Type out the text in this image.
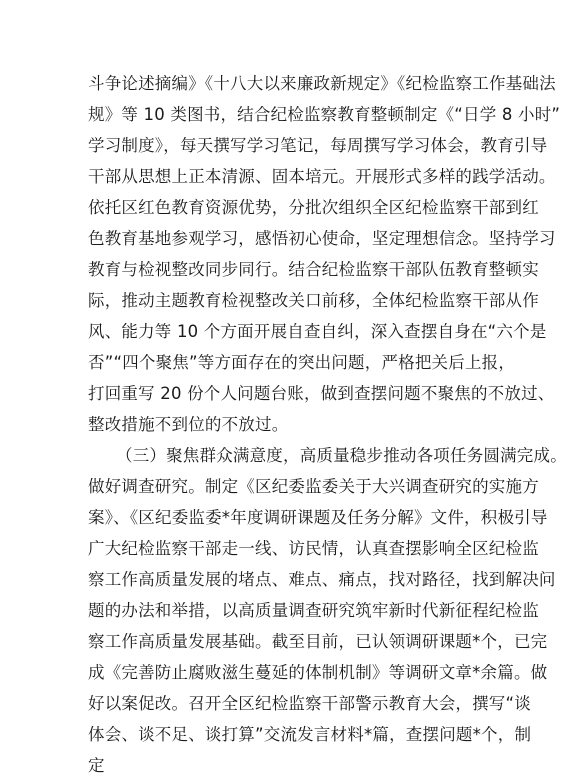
斗争论述摘编》《十八大以来廉政新规定》《纪检监察工作基础法
规》等 10 类图书，结合纪检监察教育整顿制定《“日学 8 小时”
学习制度》，每天撰写学习笔记，每周撰写学习体会，教育引导
干部从思想上正本清源、固本培元。开展形式多样的践学活动。
依托区红色教育资源优势，分批次组织全区纪检监察干部到红
色教育基地参观学习，感悟初心使命，坚定理想信念。坚持学习
教育与检视整改同步同行。结合纪检监察干部队伍教育整顿实
际，推动主题教育检视整改关口前移，全体纪检监察干部从作
风、能力等 10 个方面开展自查自纠，深入查摆自身在“六个是
否”“四个聚焦”等方面存在的突出问题，严格把关后上报，
打回重写 20 份个人问题台账，做到查摆问题不聚焦的不放过、
整改措施不到位的不放过。
（三）聚焦群众满意度，高质量稳步推动各项任务圆满完成。
做好调查研究。制定《区纪委监委关于大兴调查研究的实施方
案》、《区纪委监委*年度调研课题及任务分解》文件，积极引导
广大纪检监察干部走一线、访民情，认真查摆影响全区纪检监
察工作高质量发展的堵点、难点、痛点，找对路径，找到解决问
题的办法和举措，以高质量调查研究筑牢新时代新征程纪检监
察工作高质量发展基础。截至目前，已认领调研课题*个，已完
成《完善防止腐败滋生蔓延的体制机制》等调研文章*余篇。做
好以案促改。召开全区纪检监察干部警示教育大会，撰写“谈
体会、谈不足、谈打算”交流发言材料*篇，查摆问题*个，制
定
